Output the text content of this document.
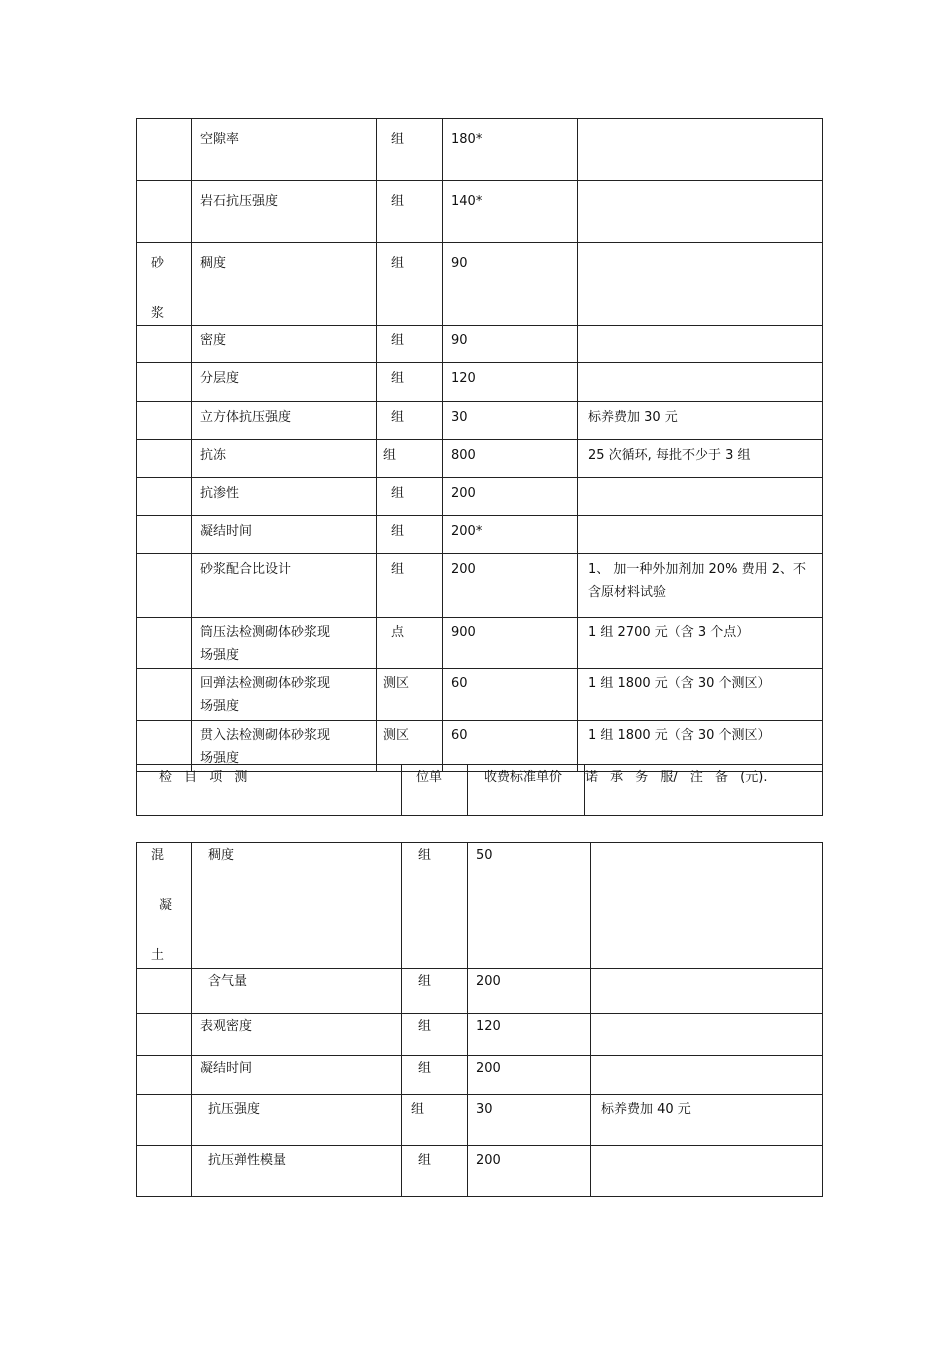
	空隙率	组	180*	

	岩石抗压强度	组	140*	

砂
浆	稠度	组	90	

	密度	组	90	

	分层度	组	120	

	立方体抗压强度	组	30	标养费加 30 元

	抗冻	组	800	25 次循环, 每批不少于 3 组

	抗渗性	组	200	

	凝结时间	组	200*	

	砂浆配合比设计	组	200	1、 加一种外加剂加 20% 费用 2、不含原材料试验

	筒压法检测砌体砂浆现场强度	点	900	1 组 2700 元（含 3 个点）

	回弹法检测砌体砂浆现场强度	测区	60	1 组 1800 元（含 30 个测区）

	贯入法检测砌体砂浆现场强度	测区	60	1 组 1800 元（含 30 个测区）
检 目 项 测	位单	收费标准单价	诺 承 务 服/ 注 备 (元).
混
凝
土	稠度	组	50	

	含气量	组	200	

	表观密度	组	120	

	凝结时间	组	200	

	抗压强度	组	30	标养费加 40 元

	抗压弹性模量	组	200	
